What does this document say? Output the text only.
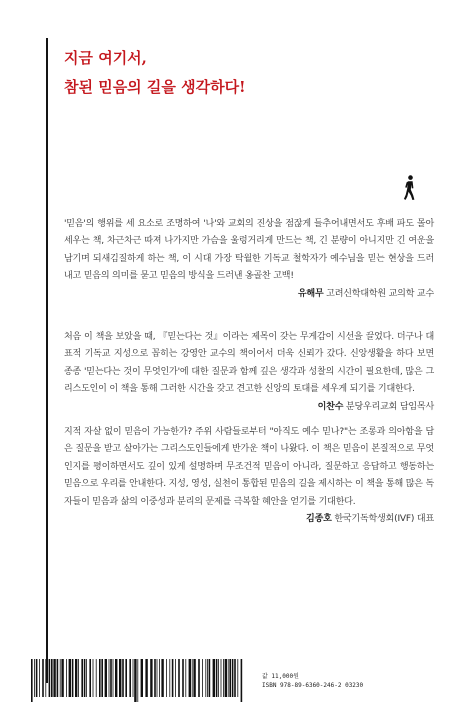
지금 여기서,
참된 믿음의 길을 생각하다!
'믿음'의 행위를 세 요소로 조명하여 '나'와 교회의 진상을 점잖게 들추어내면서도 후배 파도 몰아세우는 책, 차근차근 따져 나가지만 가슴을 울렁거리게 만드는 책, 긴 분량이 아니지만 긴 여운을 남기며 되새김질하게 하는 책, 이 시대 가장 탁월한 기독교 철학자가 예수님을 믿는 현상을 드러내고 믿음의 의미를 묻고 믿음의 방식을 드러낸 옹골찬 고백!
유해무 고려신학대학원 교의학 교수
처음 이 책을 보았을 때, 『믿는다는 것』이라는 제목이 갖는 무게감이 시선을 끌었다. 더구나 대표적 기독교 지성으로 꼽히는 강영안 교수의 책이어서 더욱 신뢰가 갔다. 신앙생활을 하다 보면 종종 '믿는다는 것이 무엇인가'에 대한 질문과 함께 깊은 생각과 성찰의 시간이 필요한데, 많은 그리스도인이 이 책을 통해 그러한 시간을 갖고 견고한 신앙의 토대를 세우게 되기를 기대한다.
이찬수 분당우리교회 담임목사
지적 자살 없이 믿음이 가능한가? 주위 사람들로부터 "아직도 예수 믿나?"는 조롱과 의아함을 담은 질문을 받고 살아가는 그리스도인들에게 반가운 책이 나왔다. 이 책은 믿음이 본질적으로 무엇인지를 평이하면서도 깊이 있게 설명하며 무조건적 믿음이 아니라, 질문하고 응답하고 행동하는 믿음으로 우리를 안내한다. 지성, 영성, 실천이 통합된 믿음의 길을 제시하는 이 책을 통해 많은 독자들이 믿음과 삶의 이중성과 분리의 문제를 극복할 혜안을 얻기를 기대한다.
김종호 한국기독학생회(IVF) 대표
값 11,000원
ISBN 978-89-6360-246-2 03230
